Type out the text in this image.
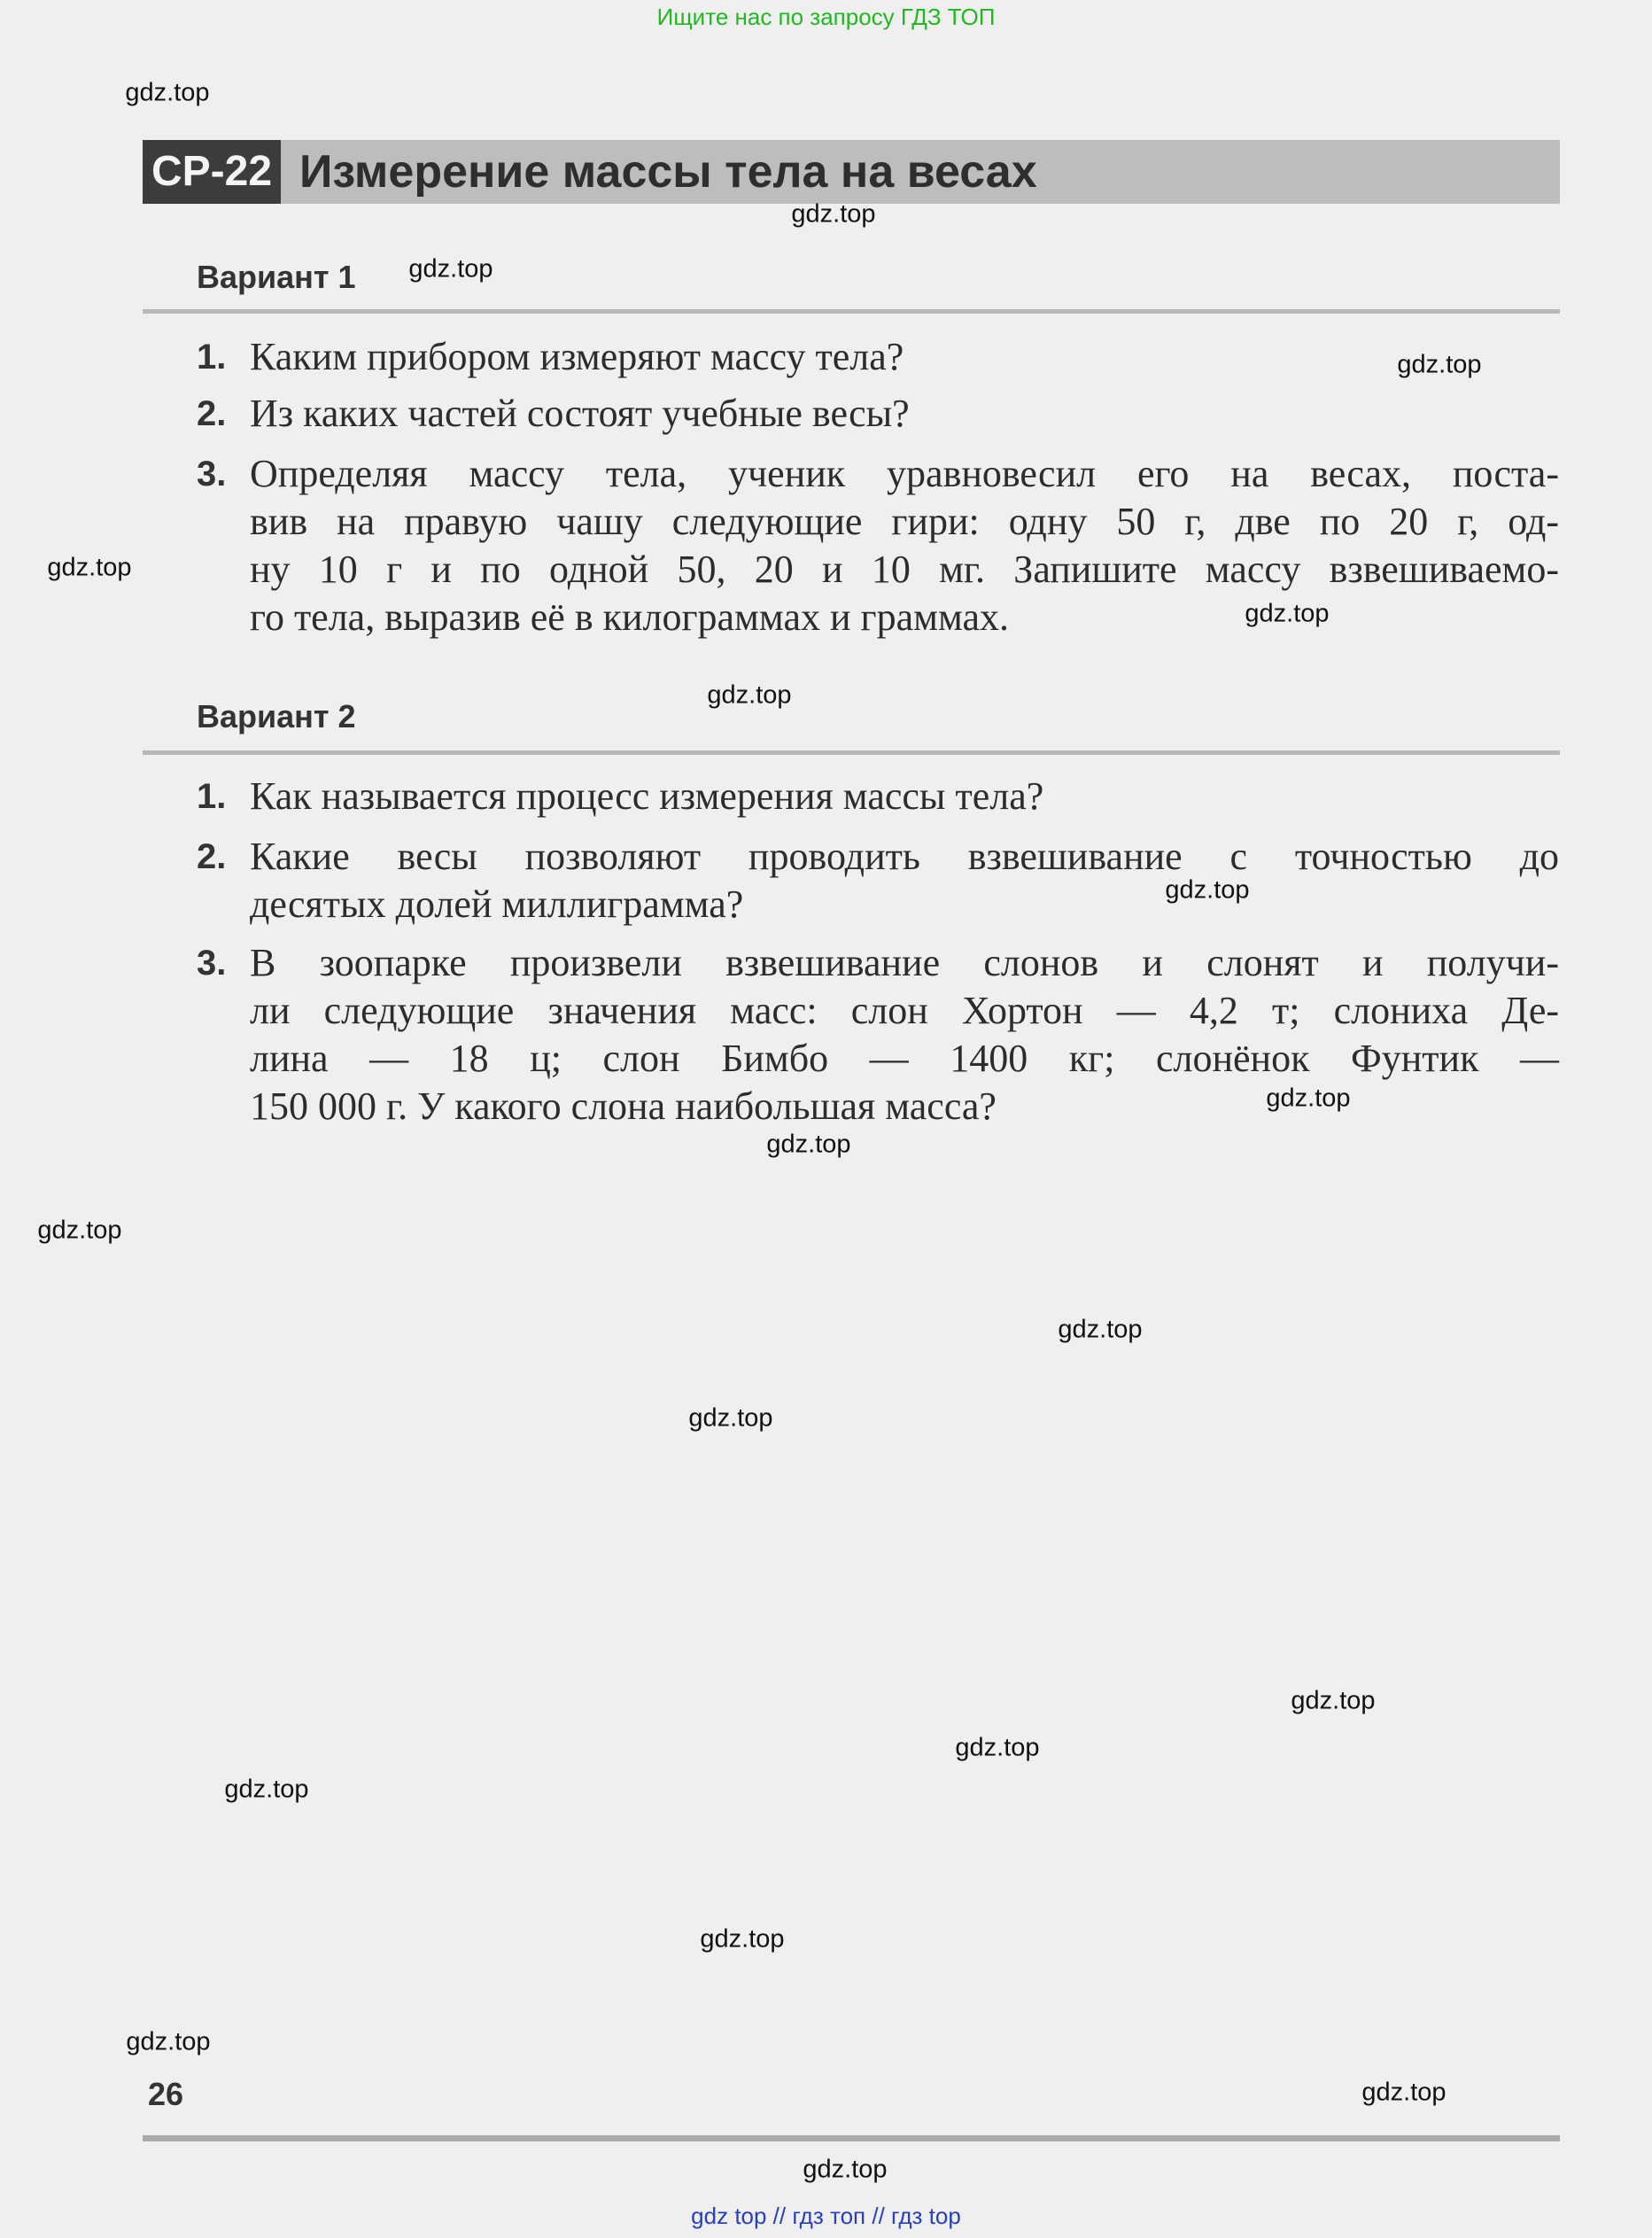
Ищите нас по запросу ГДЗ ТОП
СР-22 Измерение массы тела на весах
Вариант 1
1. Каким прибором измеряют массу тела?
2. Из каких частей состоят учебные весы?
3. Определяя массу тела, ученик уравновесил его на весах, поста-
вив на правую чашу следующие гири: одну 50 г, две по 20 г, од-
ну 10 г и по одной 50, 20 и 10 мг. Запишите массу взвешиваемо-
го тела, выразив её в килограммах и граммах.
Вариант 2
1. Как называется процесс измерения массы тела?
2. Какие весы позволяют проводить взвешивание с точностью до
десятых долей миллиграмма?
3. В зоопарке произвели взвешивание слонов и слонят и получи-
ли следующие значения масс: слон Хортон — 4,2 т; слониха Де-
лина — 18 ц; слон Бимбо — 1400 кг; слонёнок Фунтик —
150 000 г. У какого слона наибольшая масса?
gdz.top
gdz.top
gdz.top
gdz.top
gdz.top
gdz.top
gdz.top
gdz.top
gdz.top
gdz.top
gdz.top
gdz.top
gdz.top
gdz.top
gdz.top
gdz.top
gdz.top
gdz.top
gdz.top
gdz.top
26
gdz top // гдз топ // гдз top
